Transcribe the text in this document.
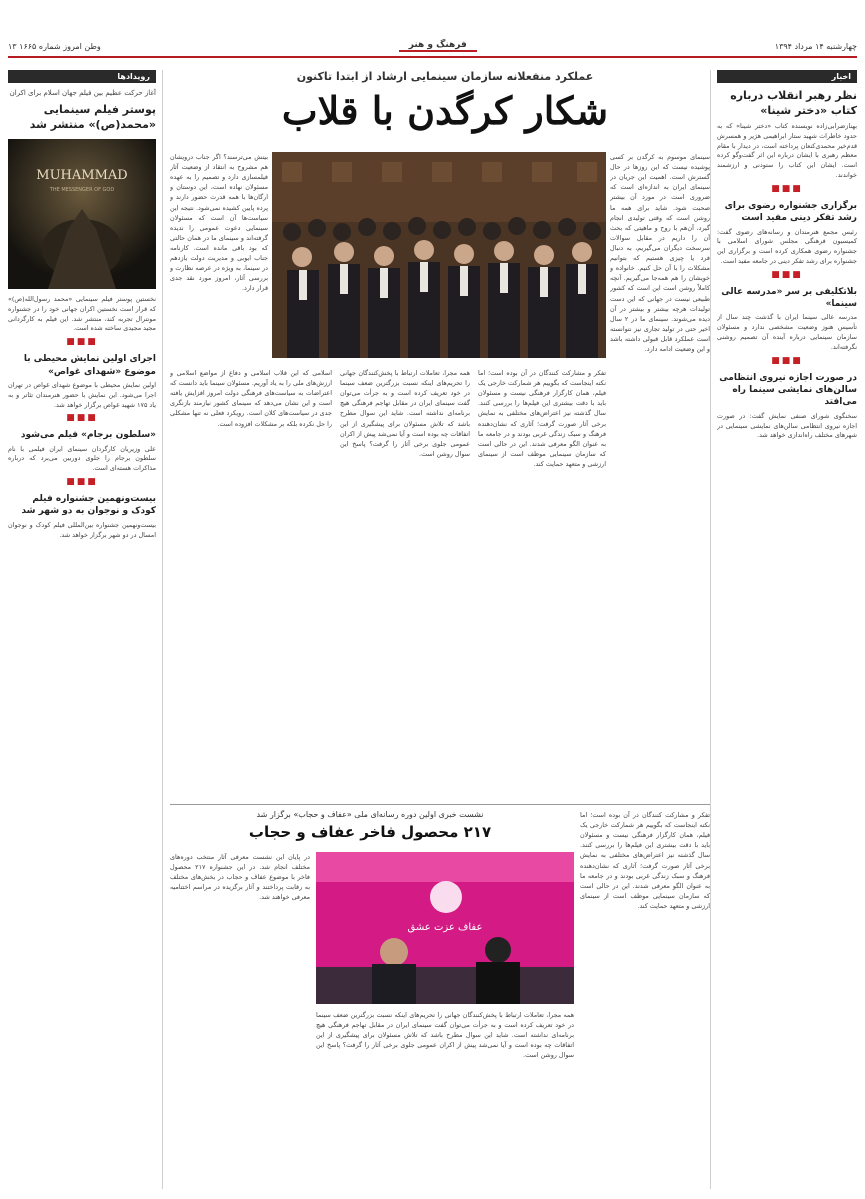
چهارشنبه ۱۴ مرداد ۱۳۹۴
فرهنگ و هنر
وطن امروز شماره ۱۶۶۵ ۱۳
اخبار
نظر رهبر انقلاب درباره کتاب «دختر شینا»
بهنازضرابی‌زاده نویسنده کتاب «دختر شینا» که به حدود خاطرات شهید ستار ابراهیمی هژیر و همسرش قدم‌خیر محمدی‌کنعان پرداخته است، در دیدار با مقام معظم رهبری با ایشان درباره این اثر گفت‌وگو کرده است. ایشان این کتاب را ستودنی و ارزشمند خواندند.
■■■
برگزاری جشنواره رضوی برای رشد تفکر دینی مفید است
رئیس مجمع هنرمندان و رسانه‌های رضوی گفت: کمیسیون فرهنگی مجلس شورای اسلامی با جشنواره رضوی همکاری کرده است و برگزاری این جشنواره برای رشد تفکر دینی در جامعه مفید است.
■■■
بلاتکلیفی بر سر «مدرسه عالی سینما»
مدرسه عالی سینما ایران با گذشت چند سال از تأسیس هنوز وضعیت مشخصی ندارد و مسئولان سازمان سینمایی درباره آینده آن تصمیم روشنی نگرفته‌اند.
■■■
در صورت اجازه نیروی انتظامی سالن‌های نمایشی سینما راه می‌افتد
سخنگوی شورای صنفی نمایش گفت: در صورت اجازه نیروی انتظامی سالن‌های نمایشی سینمایی در شهرهای مختلف راه‌اندازی خواهد شد.
رویدادها
آغاز حرکت عظیم بین فیلم جهان اسلام برای اکران
پوستر فیلم سینمایی «محمد(ص)» منتشر شد
MUHAMMAD
THE MESSENGER OF GOD
نخستین پوستر فیلم سینمایی «محمد رسول‌الله(ص)» که قرار است نخستین اکران جهانی خود را در جشنواره مونترال تجربه کند، منتشر شد. این فیلم به کارگردانی مجید مجیدی ساخته شده است.
■■■
اجرای اولین نمایش محیطی با موضوع «شهدای غواص»
اولین نمایش محیطی با موضوع شهدای غواص در تهران اجرا می‌شود. این نمایش با حضور هنرمندان تئاتر و به یاد ۱۷۵ شهید غواص برگزار خواهد شد.
■■■
«سلطون برجام» فیلم می‌شود
علی وزیریان کارگردان سینمای ایران فیلمی با نام سلطون برجام را جلوی دوربین می‌برد که درباره مذاکرات هسته‌ای است.
■■■
بیست‌و‌نهمین جشنواره فیلم کودک و نوجوان به دو شهر شد
بیست‌و‌نهمین جشنواره بین‌المللی فیلم کودک و نوجوان امسال در دو شهر برگزار خواهد شد.
عملکرد منفعلانه سازمان سینمایی ارشاد از ابتدا تاکنون
شکار کرگدن با قلاب
سینمای موسوم به کرگدن بر کسی پوشیده نیست که این روزها در حال گسترش است. اهمیت این جریان در سینمای ایران به اندازه‌ای است که ضروری است در مورد آن بیشتر صحبت شود. شاید برای همه ما روشن است که وقتی تولیدی انجام گیرد، آن‌هم با روح و ماهیتی که بحث آن را داریم در مقابل سوالات سرسخت دیگران می‌گیریم، به دنبال فرد یا چیزی هستیم که بتوانیم مشکلات را با آن حل کنیم. خانواده و خویشان را هم همه‌جا می‌گیریم. آنچه کاملاً روشن است این است که کشور طبیعی نیست در جهانی که این دست تولیدات هرچه بیشتر و بیشتر در آن دیده می‌شوند. سینمای ما در ۲ سال اخیر حتی در تولید تجاری نیز نتوانسته است عملکرد قابل قبولی داشته باشد و این وضعیت ادامه دارد.
بینش می‌ترسند؟ اگر جناب درویشان هم مشروح به انتقاد از وضعیت آثار فیلمسازی دارد و تصمیم را به عهده مسئولان نهاده است، این دوستان و ارگان‌ها با همه قدرت حضور دارند و پرده پایین کشیده نمی‌شود. نتیجه این سیاست‌ها آن است که مسئولان سینمایی دعوت عمومی را ندیده گرفته‌اند و سینمای ما در همان حالتی که بود باقی مانده است. کارنامه جناب ایوبی و مدیریت دولت یازدهم در سینما، به ویژه در عرصه نظارت و بررسی آثار، امروز مورد نقد جدی قرار دارد.
تفکر و مشارکت کنندگان در آن بوده است؛ اما نکته اینجاست که بگوییم هر شمارکت خارجی یک فیلم، همان کارگزار فرهنگی نیست و مسئولان باید با دقت بیشتری این فیلم‌ها را بررسی کنند. سال گذشته نیز اعتراض‌های مختلفی به نمایش برخی آثار صورت گرفت؛ آثاری که نشان‌دهنده فرهنگ و سبک زندگی غربی بودند و در جامعه ما به عنوان الگو معرفی شدند. این در حالی است که سازمان سینمایی موظف است از سینمای ارزشی و متعهد حمایت کند.
همه مجرا، تعاملات ارتباط با پخش‌کنندگان جهانی را تحریم‌های اینکه نسبت بزرگترین ضعف سینما در خود تعریف کرده است و به جرأت می‌توان گفت سینمای ایران در مقابل تهاجم فرهنگی هیچ برنامه‌ای نداشته است. شاید این سوال مطرح باشد که تلاش مسئولان برای پیشگیری از این اتفاقات چه بوده است و آیا نمی‌شد پیش از اکران عمومی جلوی برخی آثار را گرفت؟ پاسخ این سوال روشن است.
اسلامی که این قلاب اسلامی و دفاع از مواضع اسلامی و ارزش‌های ملی را به یاد آوریم. مسئولان سینما باید دانست که اعتراضات به سیاست‌های فرهنگی دولت امروز افزایش یافته است و این نشان می‌دهد که سینمای کشور نیازمند بازنگری جدی در سیاست‌های کلان است. رویکرد فعلی نه تنها مشکلی را حل نکرده بلکه بر مشکلات افزوده است.
نشست خبری اولین دوره رسانه‌ای ملی «عفاف و حجاب» برگزار شد
۲۱۷ محصول فاخر عفاف و حجاب
عفاف عزت عشق
در پایان این نشست معرفی آثار منتخب دوره‌های مختلف انجام شد. در این جشنواره ۲۱۷ محصول فاخر با موضوع عفاف و حجاب در بخش‌های مختلف به رقابت پرداختند و آثار برگزیده در مراسم اختتامیه معرفی خواهند شد.
همه مجرا، تعاملات ارتباط با پخش‌کنندگان جهانی را تحریم‌های اینکه نسبت بزرگترین ضعف سینما در خود تعریف کرده است و به جرأت می‌توان گفت سینمای ایران در مقابل تهاجم فرهنگی هیچ برنامه‌ای نداشته است. شاید این سوال مطرح باشد که تلاش مسئولان برای پیشگیری از این اتفاقات چه بوده است و آیا نمی‌شد پیش از اکران عمومی جلوی برخی آثار را گرفت؟ پاسخ این سوال روشن است.
تفکر و مشارکت کنندگان در آن بوده است؛ اما نکته اینجاست که بگوییم هر شمارکت خارجی یک فیلم، همان کارگزار فرهنگی نیست و مسئولان باید با دقت بیشتری این فیلم‌ها را بررسی کنند. سال گذشته نیز اعتراض‌های مختلفی به نمایش برخی آثار صورت گرفت؛ آثاری که نشان‌دهنده فرهنگ و سبک زندگی غربی بودند و در جامعه ما به عنوان الگو معرفی شدند. این در حالی است که سازمان سینمایی موظف است از سینمای ارزشی و متعهد حمایت کند.
